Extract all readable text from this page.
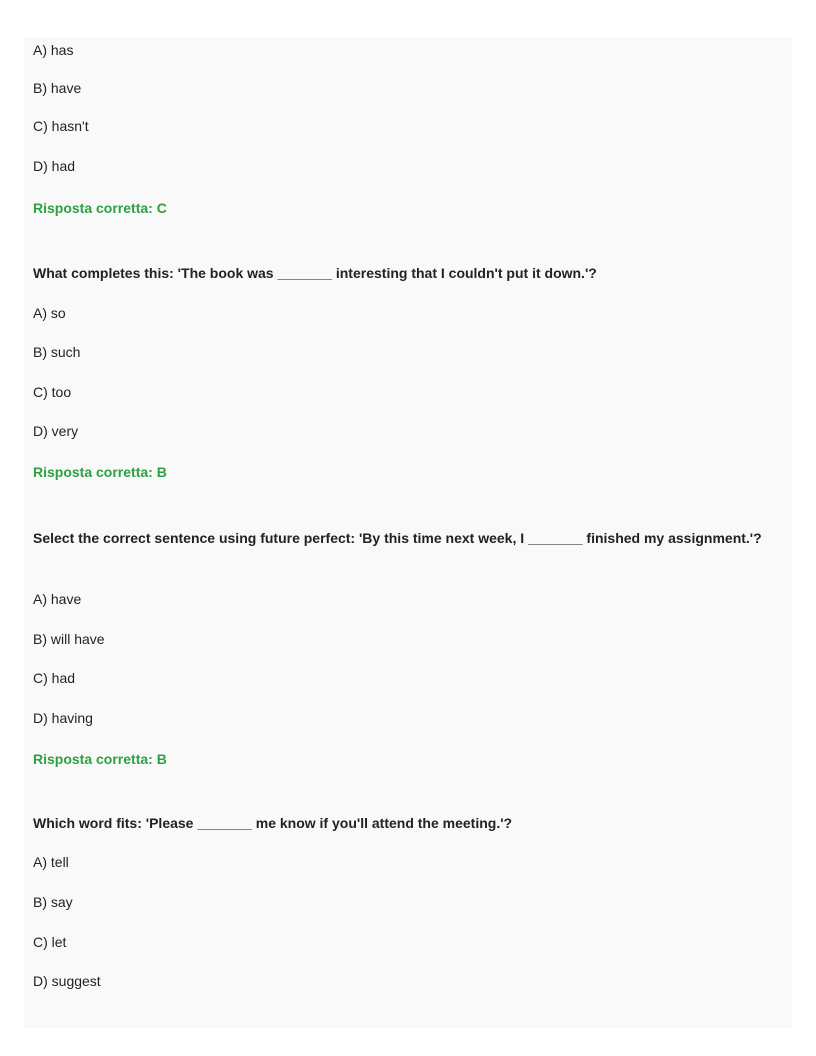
A) has
B) have
C) hasn't
D) had
Risposta corretta: C
What completes this: 'The book was _______ interesting that I couldn't put it down.'?
A) so
B) such
C) too
D) very
Risposta corretta: B
Select the correct sentence using future perfect: 'By this time next week, I _______ finished my assignment.'?
A) have
B) will have
C) had
D) having
Risposta corretta: B
Which word fits: 'Please _______ me know if you'll attend the meeting.'?
A) tell
B) say
C) let
D) suggest
